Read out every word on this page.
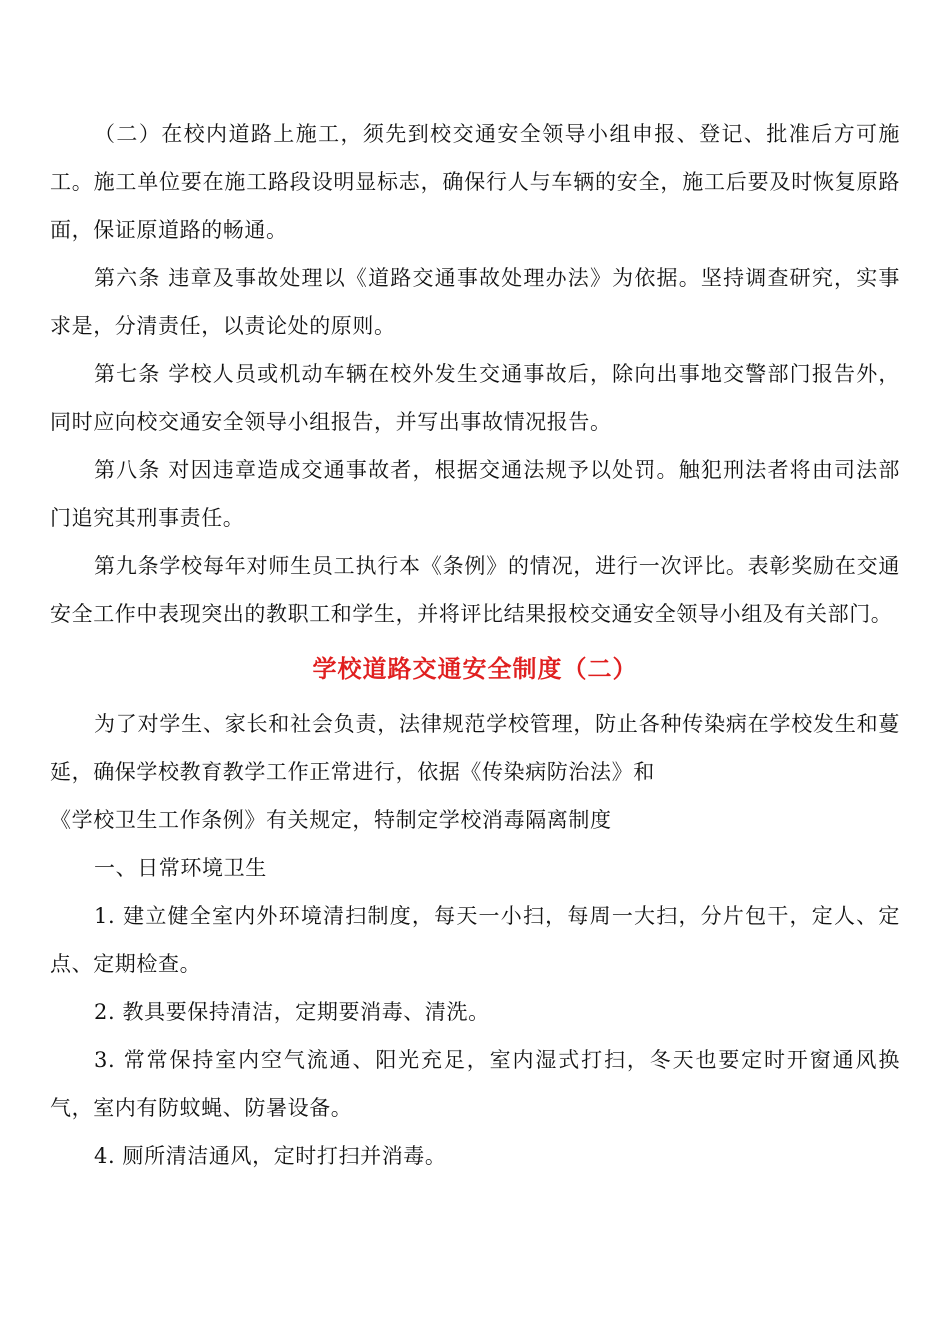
（二）在校内道路上施工，须先到校交通安全领导小组申报、登记、批准后方可施工。施工单位要在施工路段设明显标志，确保行人与车辆的安全，施工后要及时恢复原路面，保证原道路的畅通。

第六条 违章及事故处理以《道路交通事故处理办法》为依据。坚持调查研究，实事求是，分清责任，以责论处的原则。

第七条 学校人员或机动车辆在校外发生交通事故后，除向出事地交警部门报告外，同时应向校交通安全领导小组报告，并写出事故情况报告。

第八条 对因违章造成交通事故者，根据交通法规予以处罚。触犯刑法者将由司法部门追究其刑事责任。

第九条学校每年对师生员工执行本《条例》的情况，进行一次评比。表彰奖励在交通安全工作中表现突出的教职工和学生，并将评比结果报校交通安全领导小组及有关部门。

学校道路交通安全制度（二）

为了对学生、家长和社会负责，法律规范学校管理，防止各种传染病在学校发生和蔓延，确保学校教育教学工作正常进行，依据《传染病防治法》和

《学校卫生工作条例》有关规定，特制定学校消毒隔离制度

一、日常环境卫生

1. 建立健全室内外环境清扫制度，每天一小扫，每周一大扫，分片包干，定人、定点、定期检查。

2. 教具要保持清洁，定期要消毒、清洗。

3. 常常保持室内空气流通、阳光充足，室内湿式打扫，冬天也要定时开窗通风换气，室内有防蚊蝇、防暑设备。

4. 厕所清洁通风，定时打扫并消毒。
